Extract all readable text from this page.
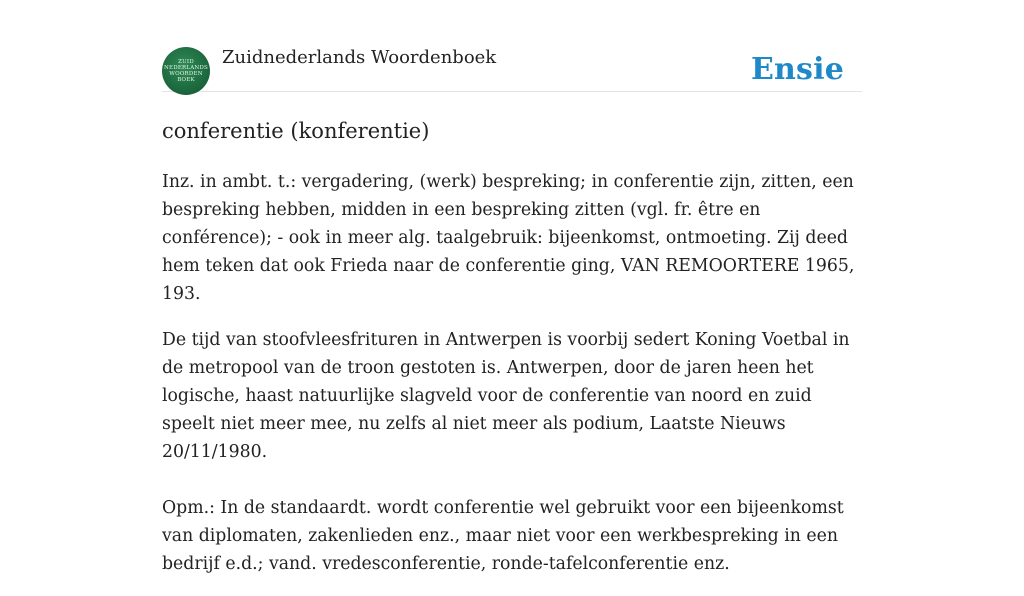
ZUID
NEDERLANDS
WOORDEN
BOEK
Zuidnederlands Woordenboek	Ensie
conferentie (konferentie)

Inz. in ambt. t.: vergadering, (werk) bespreking; in conferentie zijn, zitten, een bespreking hebben, midden in een bespreking zitten (vgl. fr. être en conférence); - ook in meer alg. taalgebruik: bijeenkomst, ontmoeting. Zij deed hem teken dat ook Frieda naar de conferentie ging, VAN REMOORTERE 1965, 193.

De tijd van stoofvleesfrituren in Antwerpen is voorbij sedert Koning Voetbal in de metropool van de troon gestoten is. Antwerpen, door de jaren heen het logische, haast natuurlijke slagveld voor de conferentie van noord en zuid speelt niet meer mee, nu zelfs al niet meer als podium, Laatste Nieuws 20/11/1980.

Opm.: In de standaardt. wordt conferentie wel gebruikt voor een bijeenkomst van diplomaten, zakenlieden enz., maar niet voor een werkbespreking in een bedrijf e.d.; vand. vredesconferentie, ronde-tafelconferentie enz.
